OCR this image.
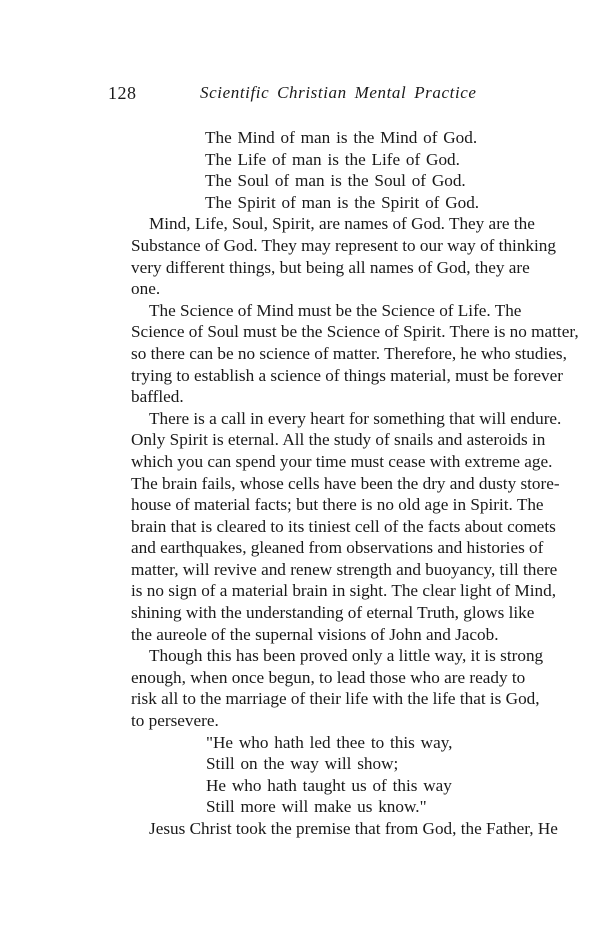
128	Scientific Christian Mental Practice
The Mind of man is the Mind of God.
The Life of man is the Life of God.
The Soul of man is the Soul of God.
The Spirit of man is the Spirit of God.
Mind, Life, Soul, Spirit, are names of God. They are the
Substance of God. They may represent to our way of thinking
very different things, but being all names of God, they are
one.
The Science of Mind must be the Science of Life. The
Science of Soul must be the Science of Spirit. There is no matter,
so there can be no science of matter. Therefore, he who studies,
trying to establish a science of things material, must be forever
baffled.
There is a call in every heart for something that will endure.
Only Spirit is eternal. All the study of snails and asteroids in
which you can spend your time must cease with extreme age.
The brain fails, whose cells have been the dry and dusty store-
house of material facts; but there is no old age in Spirit. The
brain that is cleared to its tiniest cell of the facts about comets
and earthquakes, gleaned from observations and histories of
matter, will revive and renew strength and buoyancy, till there
is no sign of a material brain in sight. The clear light of Mind,
shining with the understanding of eternal Truth, glows like
the aureole of the supernal visions of John and Jacob.
Though this has been proved only a little way, it is strong
enough, when once begun, to lead those who are ready to
risk all to the marriage of their life with the life that is God,
to persevere.
"He who hath led thee to this way,
Still on the way will show;
He who hath taught us of this way
Still more will make us know."
Jesus Christ took the premise that from God, the Father, He
